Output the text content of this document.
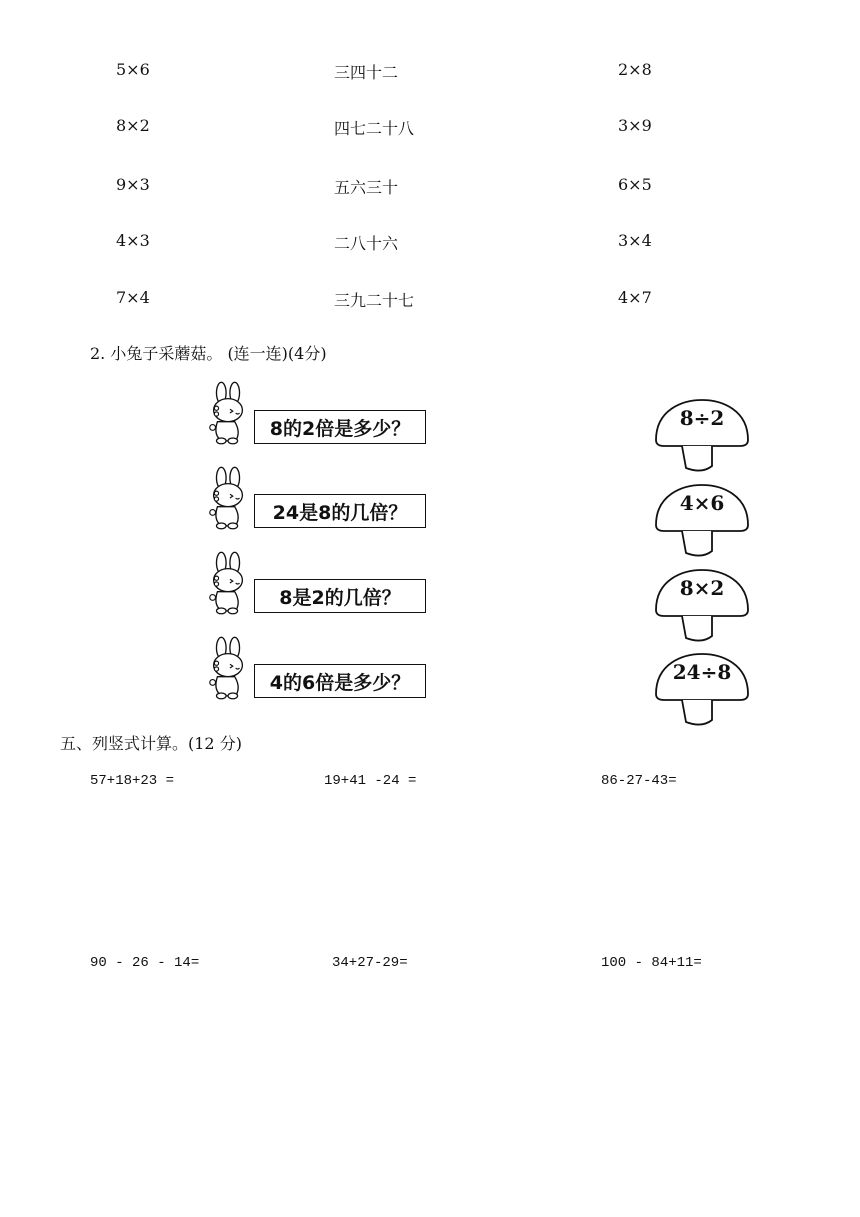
5×6	三四十二	2×8
8×2	四七二十八	3×9
9×3	五六三十	6×5
4×3	二八十六	3×4
7×4	三九二十七	4×7
2. 小兔子采蘑菇。 (连一连)(4分)
8的2倍是多少？
24是8的几倍？
8是2的几倍？
4的6倍是多少？
8÷2
4×6
8×2
24÷8
五、列竖式计算。(12 分)
57+18+23 =	19+41 -24 =	86-27-43=
90 - 26 - 14=	34+27-29=	100 - 84+11=
